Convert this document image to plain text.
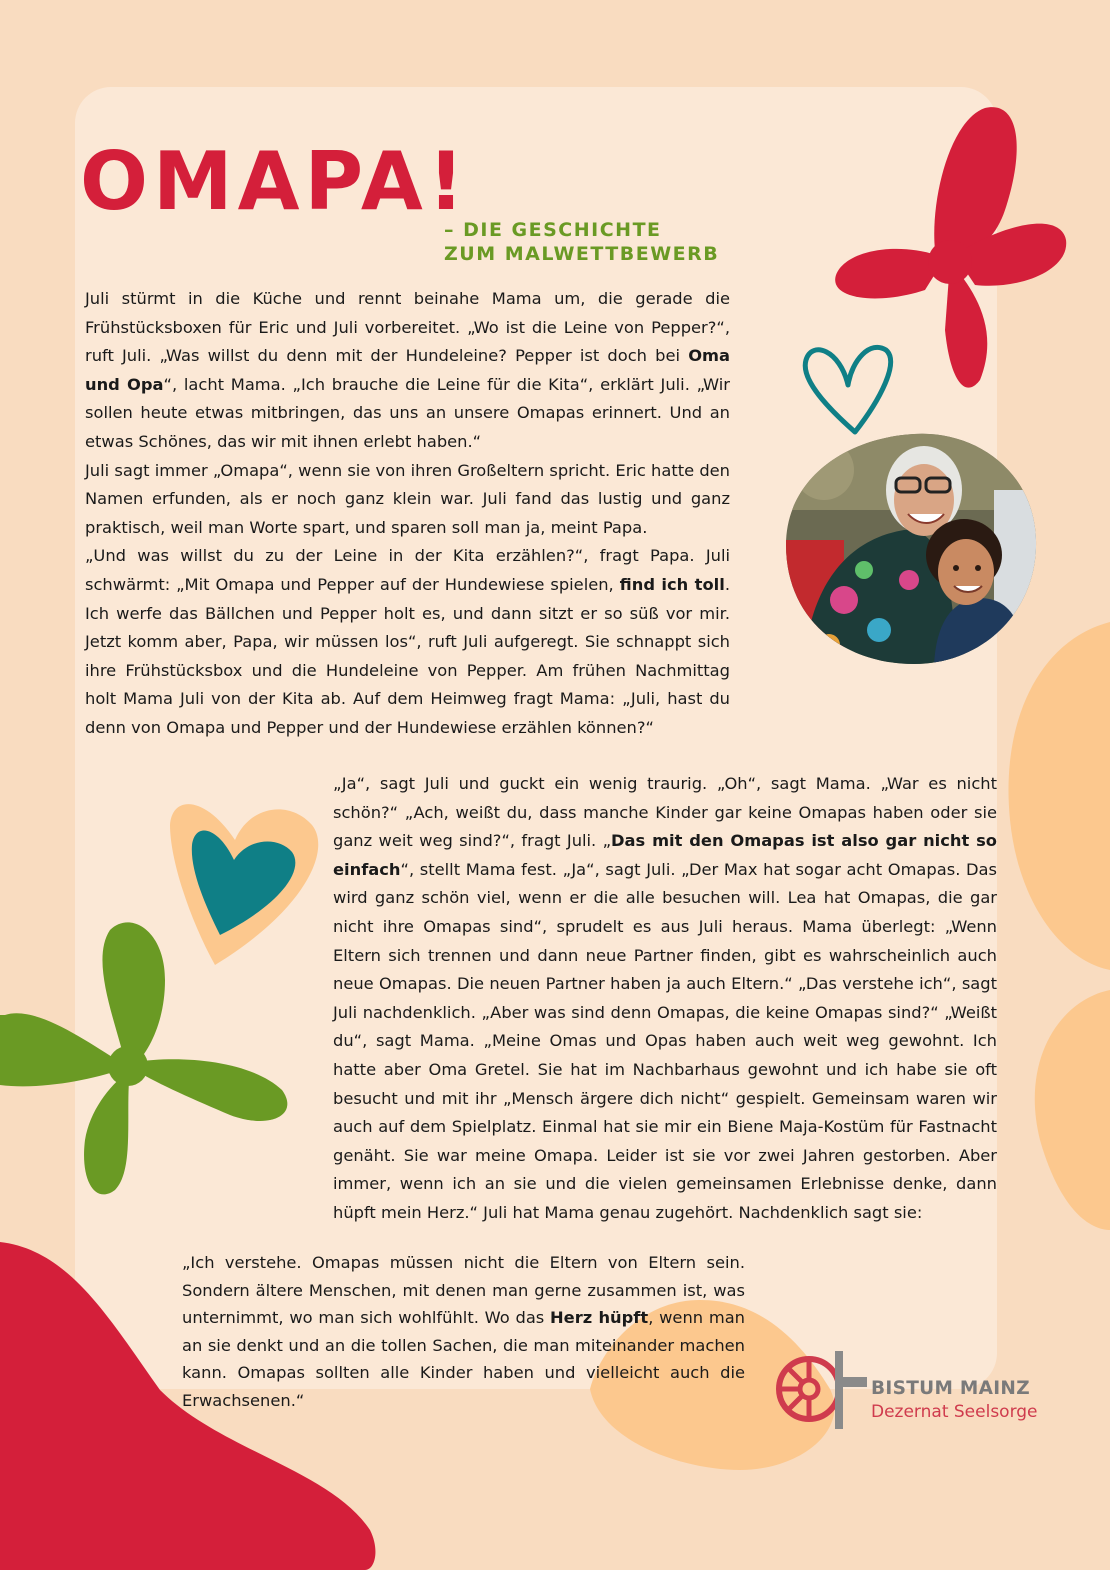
OMAPA!
– DIE GESCHICHTE
ZUM MALWETTBEWERB

Juli stürmt in die Küche und rennt beinahe Mama um, die gerade die Frühstücksboxen für Eric und Juli vorbereitet. „Wo ist die Leine von Pepper?“, ruft Juli. „Was willst du denn mit der Hundeleine? Pepper ist doch bei Oma und Opa“, lacht Mama. „Ich brauche die Leine für die Kita“, erklärt Juli. „Wir sollen heute etwas mitbringen, das uns an unsere Omapas erinnert. Und an etwas Schönes, das wir mit ihnen erlebt haben.“

Juli sagt immer „Omapa“, wenn sie von ihren Großeltern spricht. Eric hatte den Namen erfunden, als er noch ganz klein war. Juli fand das lustig und ganz praktisch, weil man Worte spart, und sparen soll man ja, meint Papa.

„Und was willst du zu der Leine in der Kita erzählen?“, fragt Papa. Juli schwärmt: „Mit Omapa und Pepper auf der Hundewiese spielen, find ich toll. Ich werfe das Bällchen und Pepper holt es, und dann sitzt er so süß vor mir. Jetzt komm aber, Papa, wir müssen los“, ruft Juli aufgeregt. Sie schnappt sich ihre Frühstücksbox und die Hundeleine von Pepper. Am frühen Nachmittag holt Mama Juli von der Kita ab. Auf dem Heimweg fragt Mama: „Juli, hast du denn von Omapa und Pepper und der Hundewiese erzählen können?“

„Ja“, sagt Juli und guckt ein wenig traurig. „Oh“, sagt Mama. „War es nicht schön?“ „Ach, weißt du, dass manche Kinder gar keine Omapas haben oder sie ganz weit weg sind?“, fragt Juli. „Das mit den Omapas ist also gar nicht so einfach“, stellt Mama fest. „Ja“, sagt Juli. „Der Max hat sogar acht Omapas. Das wird ganz schön viel, wenn er die alle besuchen will. Lea hat Omapas, die gar nicht ihre Omapas sind“, sprudelt es aus Juli heraus. Mama überlegt: „Wenn Eltern sich trennen und dann neue Partner finden, gibt es wahrscheinlich auch neue Omapas. Die neuen Partner haben ja auch Eltern.“ „Das verstehe ich“, sagt Juli nachdenklich. „Aber was sind denn Omapas, die keine Omapas sind?“ „Weißt du“, sagt Mama. „Meine Omas und Opas haben auch weit weg gewohnt. Ich hatte aber Oma Gretel. Sie hat im Nachbarhaus gewohnt und ich habe sie oft besucht und mit ihr „Mensch ärgere dich nicht“ gespielt. Gemeinsam waren wir auch auf dem Spielplatz. Einmal hat sie mir ein Biene Maja-Kostüm für Fastnacht genäht. Sie war meine Omapa. Leider ist sie vor zwei Jahren gestorben. Aber immer, wenn ich an sie und die vielen gemeinsamen Erlebnisse denke, dann hüpft mein Herz.“ Juli hat Mama genau zugehört. Nachdenklich sagt sie:

„Ich verstehe. Omapas müssen nicht die Eltern von Eltern sein. Sondern ältere Menschen, mit denen man gerne zusammen ist, was unternimmt, wo man sich wohlfühlt. Wo das Herz hüpft, wenn man an sie denkt und an die tollen Sachen, die man miteinander machen kann. Omapas sollten alle Kinder haben und vielleicht auch die Erwachsenen.“

BISTUM MAINZ
Dezernat Seelsorge
